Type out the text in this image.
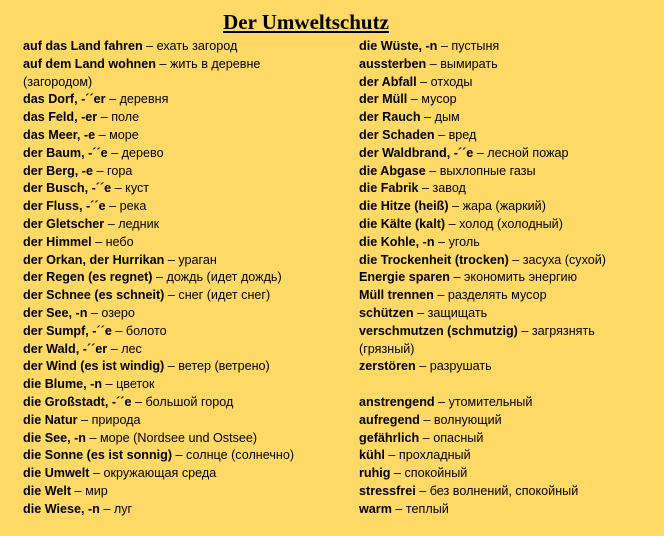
Der Umweltschutz
auf das Land fahren – ехать загород
auf dem Land wohnen – жить в деревне
(загородом)
das Dorf, -´´er – деревня
das Feld, -er – поле
das Meer, -e – море
der Baum, -´´e – дерево
der Berg, -e – гора
der Busch, -´´e – куст
der Fluss, -´´e – река
der Gletscher – ледник
der Himmel – небо
der Orkan, der Hurrikan – ураган
der Regen (es regnet) – дождь (идет дождь)
der Schnee (es schneit) – снег (идет снег)
der See, -n – озеро
der Sumpf, -´´e – болото
der Wald, -´´er – лес
der Wind (es ist windig) – ветер (ветрено)
die Blume, -n – цветок
die Großstadt, -´´e – большой город
die Natur – природа
die See, -n – море (Nordsee und Ostsee)
die Sonne (es ist sonnig) – солнце (солнечно)
die Umwelt – окружающая среда
die Welt – мир
die Wiese, -n – луг
die Wüste, -n – пустыня
aussterben – вымирать
der Abfall – отходы
der Müll – мусор
der Rauch – дым
der Schaden – вред
der Waldbrand, -´´e – лесной пожар
die Abgase – выхлопные газы
die Fabrik – завод
die Hitze (heiß) – жара (жаркий)
die Kälte (kalt) – холод (холодный)
die Kohle, -n – уголь
die Trockenheit (trocken) – засуха (сухой)
Energie sparen – экономить энергию
Müll trennen – разделять мусор
schützen – защищать
verschmutzen (schmutzig) – загрязнять
(грязный)
zerstören – разрушать
anstrengend – утомительный
aufregend – волнующий
gefährlich – опасный
kühl – прохладный
ruhig – спокойный
stressfrei – без волнений, спокойный
warm – теплый
